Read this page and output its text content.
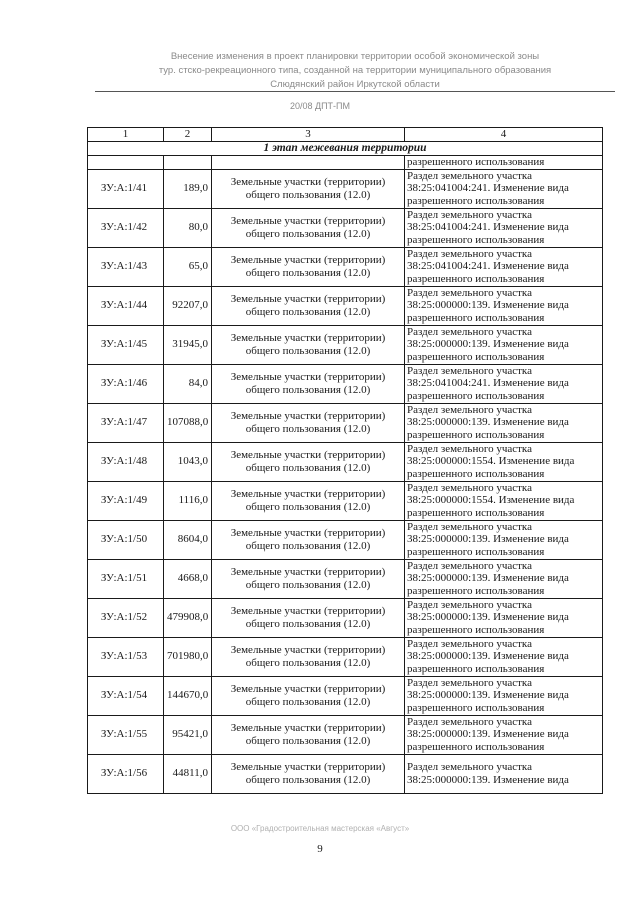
Внесение изменения в проект планировки территории особой экономической зоны
тур. стско-рекреационного типа, созданной на территории муниципального образования
Слюдянский район Иркутской области
20/08 ДПТ-ПМ
1	2	3	4
1 этап межевания территории			
			разрешенного использования
ЗУ:А:1/41	189,0	Земельные участки (территории) общего пользования (12.0)	Раздел земельного участка 38:25:041004:241. Изменение вида разрешенного использования
ЗУ:А:1/42	80,0	Земельные участки (территории) общего пользования (12.0)	Раздел земельного участка 38:25:041004:241. Изменение вида разрешенного использования
ЗУ:А:1/43	65,0	Земельные участки (территории) общего пользования (12.0)	Раздел земельного участка 38:25:041004:241. Изменение вида разрешенного использования
ЗУ:А:1/44	92207,0	Земельные участки (территории) общего пользования (12.0)	Раздел земельного участка 38:25:000000:139. Изменение вида разрешенного использования
ЗУ:А:1/45	31945,0	Земельные участки (территории) общего пользования (12.0)	Раздел земельного участка 38:25:000000:139. Изменение вида разрешенного использования
ЗУ:А:1/46	84,0	Земельные участки (территории) общего пользования (12.0)	Раздел земельного участка 38:25:041004:241. Изменение вида разрешенного использования
ЗУ:А:1/47	107088,0	Земельные участки (территории) общего пользования (12.0)	Раздел земельного участка 38:25:000000:139. Изменение вида разрешенного использования
ЗУ:А:1/48	1043,0	Земельные участки (территории) общего пользования (12.0)	Раздел земельного участка 38:25:000000:1554. Изменение вида разрешенного использования
ЗУ:А:1/49	1116,0	Земельные участки (территории) общего пользования (12.0)	Раздел земельного участка 38:25:000000:1554. Изменение вида разрешенного использования
ЗУ:А:1/50	8604,0	Земельные участки (территории) общего пользования (12.0)	Раздел земельного участка 38:25:000000:139. Изменение вида разрешенного использования
ЗУ:А:1/51	4668,0	Земельные участки (территории) общего пользования (12.0)	Раздел земельного участка 38:25:000000:139. Изменение вида разрешенного использования
ЗУ:А:1/52	479908,0	Земельные участки (территории) общего пользования (12.0)	Раздел земельного участка 38:25:000000:139. Изменение вида разрешенного использования
ЗУ:А:1/53	701980,0	Земельные участки (территории) общего пользования (12.0)	Раздел земельного участка 38:25:000000:139. Изменение вида разрешенного использования
ЗУ:А:1/54	144670,0	Земельные участки (территории) общего пользования (12.0)	Раздел земельного участка 38:25:000000:139. Изменение вида разрешенного использования
ЗУ:А:1/55	95421,0	Земельные участки (территории) общего пользования (12.0)	Раздел земельного участка 38:25:000000:139. Изменение вида разрешенного использования
ЗУ:А:1/56	44811,0	Земельные участки (территории) общего пользования (12.0)	Раздел земельного участка 38:25:000000:139. Изменение вида
ООО «Градостроительная мастерская «Август»
9
